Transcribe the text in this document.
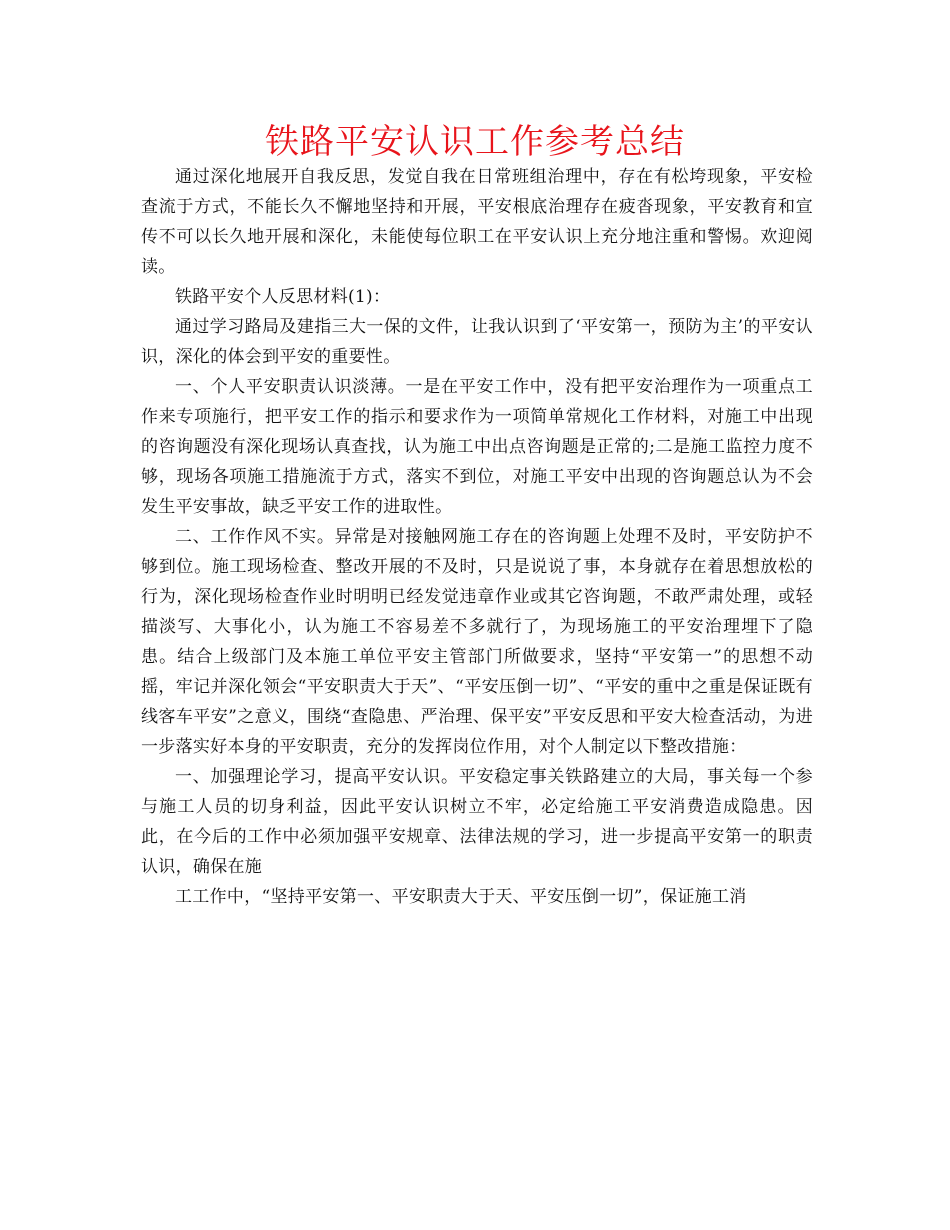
铁路平安认识工作参考总结

通过深化地展开自我反思，发觉自我在日常班组治理中，存在有松垮现象，平安检查流于方式，不能长久不懈地坚持和开展，平安根底治理存在疲沓现象，平安教育和宣传不可以长久地开展和深化，未能使每位职工在平安认识上充分地注重和警惕。欢迎阅读。

铁路平安个人反思材料(1)：

通过学习路局及建指三大一保的文件，让我认识到了‘平安第一，预防为主’的平安认识，深化的体会到平安的重要性。

一、个人平安职责认识淡薄。一是在平安工作中，没有把平安治理作为一项重点工作来专项施行，把平安工作的指示和要求作为一项简单常规化工作材料，对施工中出现的咨询题没有深化现场认真查找，认为施工中出点咨询题是正常的;二是施工监控力度不够，现场各项施工措施流于方式，落实不到位，对施工平安中出现的咨询题总认为不会发生平安事故，缺乏平安工作的进取性。

二、工作作风不实。异常是对接触网施工存在的咨询题上处理不及时，平安防护不够到位。施工现场检查、整改开展的不及时，只是说说了事，本身就存在着思想放松的行为，深化现场检查作业时明明已经发觉违章作业或其它咨询题，不敢严肃处理，或轻描淡写、大事化小，认为施工不容易差不多就行了，为现场施工的平安治理埋下了隐患。结合上级部门及本施工单位平安主管部门所做要求，坚持“平安第一”的思想不动摇，牢记并深化领会“平安职责大于天”、“平安压倒一切”、“平安的重中之重是保证既有线客车平安”之意义，围绕“查隐患、严治理、保平安”平安反思和平安大检查活动，为进一步落实好本身的平安职责，充分的发挥岗位作用，对个人制定以下整改措施：

一、加强理论学习，提高平安认识。平安稳定事关铁路建立的大局，事关每一个参与施工人员的切身利益，因此平安认识树立不牢，必定给施工平安消费造成隐患。因此，在今后的工作中必须加强平安规章、法律法规的学习，进一步提高平安第一的职责认识，确保在施

工工作中，“坚持平安第一、平安职责大于天、平安压倒一切”，保证施工消
